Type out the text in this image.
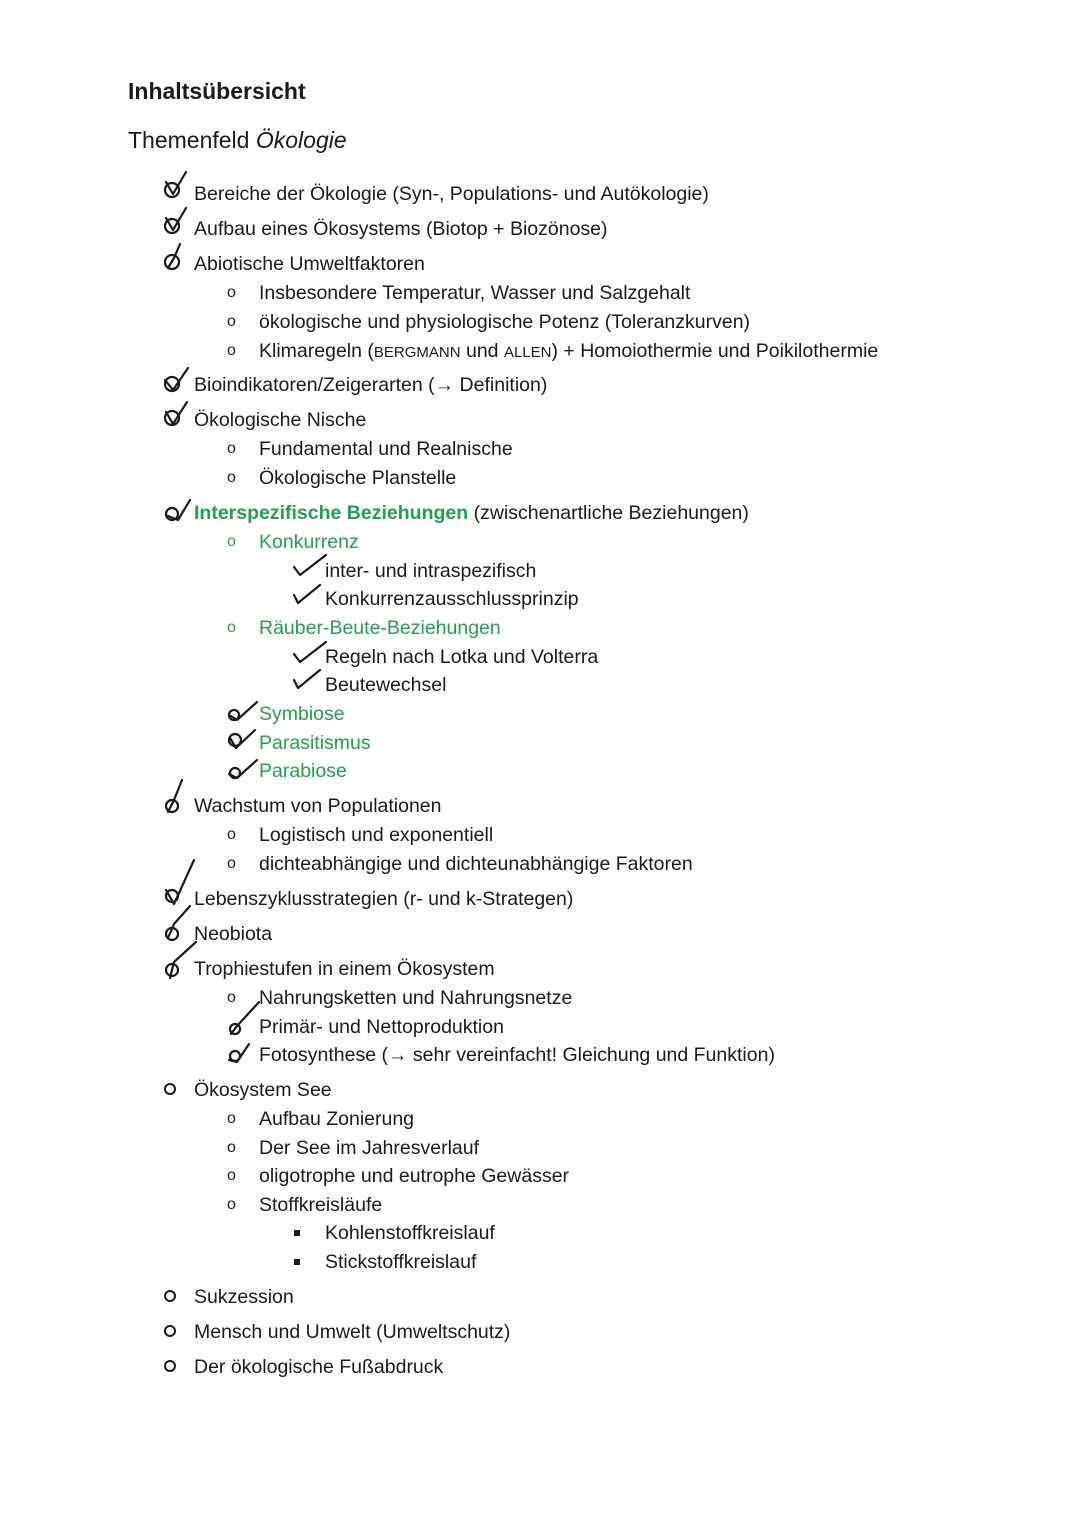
Inhaltsübersicht
Themenfeld Ökologie
Bereiche der Ökologie (Syn-, Populations- und Autökologie)
Aufbau eines Ökosystems (Biotop + Biozönose)
Abiotische Umweltfaktoren
o Insbesondere Temperatur, Wasser und Salzgehalt
o ökologische und physiologische Potenz (Toleranzkurven)
o Klimaregeln (BERGMANN und ALLEN) + Homoiothermie und Poikilothermie
Bioindikatoren/Zeigerarten (→ Definition)
Ökologische Nische
o Fundamental und Realnische
o Ökologische Planstelle
Interspezifische Beziehungen (zwischenartliche Beziehungen)
o Konkurrenz
inter- und intraspezifisch
Konkurrenzausschlussprinzip
o Räuber-Beute-Beziehungen
Regeln nach Lotka und Volterra
Beutewechsel
Symbiose
Parasitismus
Parabiose
Wachstum von Populationen
o Logistisch und exponentiell
o dichteabhängige und dichteunabhängige Faktoren
Lebenszyklusstrategien (r- und k-Strategen)
Neobiota
Trophiestufen in einem Ökosystem
o Nahrungsketten und Nahrungsnetze
Primär- und Nettoproduktion
Fotosynthese (→ sehr vereinfacht! Gleichung und Funktion)
Ökosystem See
o Aufbau Zonierung
o Der See im Jahresverlauf
o oligotrophe und eutrophe Gewässer
o Stoffkreisläufe
Kohlenstoffkreislauf
Stickstoffkreislauf
Sukzession
Mensch und Umwelt (Umweltschutz)
Der ökologische Fußabdruck
